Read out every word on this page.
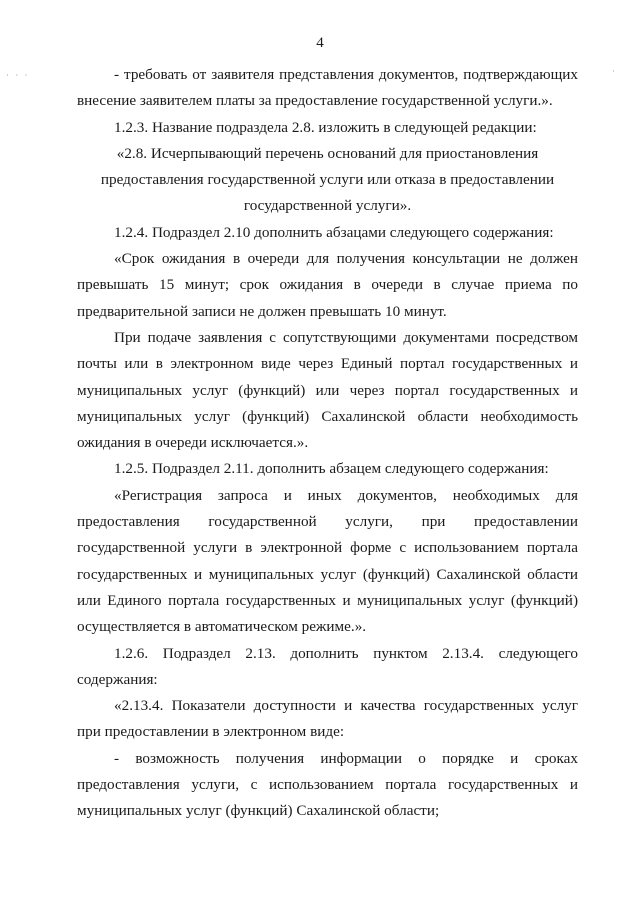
4
· · ·	·

- требовать от заявителя представления документов, подтверждающих внесение заявителем платы за предоставление государственной услуги.».

1.2.3. Название подраздела 2.8. изложить в следующей редакции:

«2.8. Исчерпывающий перечень оснований для приостановления предоставления государственной услуги или отказа в предоставлении государственной услуги».

1.2.4. Подраздел 2.10 дополнить абзацами следующего содержания:

«Срок ожидания в очереди для получения консультации не должен превышать 15 минут; срок ожидания в очереди в случае приема по предварительной записи не должен превышать 10 минут.

При подаче заявления с сопутствующими документами посредством почты или в электронном виде через Единый портал государственных и муниципальных услуг (функций) или через портал государственных и муниципальных услуг (функций) Сахалинской области необходимость ожидания в очереди исключается.».

1.2.5. Подраздел 2.11. дополнить абзацем следующего содержания:

«Регистрация запроса и иных документов, необходимых для предоставления государственной услуги, при предоставлении государственной услуги в электронной форме с использованием портала государственных и муниципальных услуг (функций) Сахалинской области или Единого портала государственных и муниципальных услуг (функций) осуществляется в автоматическом режиме.».

1.2.6. Подраздел 2.13. дополнить пунктом 2.13.4. следующего содержания:

«2.13.4. Показатели доступности и качества государственных услуг при предоставлении в электронном виде:

- возможность получения информации о порядке и сроках предоставления услуги, с использованием портала государственных и муниципальных услуг (функций) Сахалинской области;
